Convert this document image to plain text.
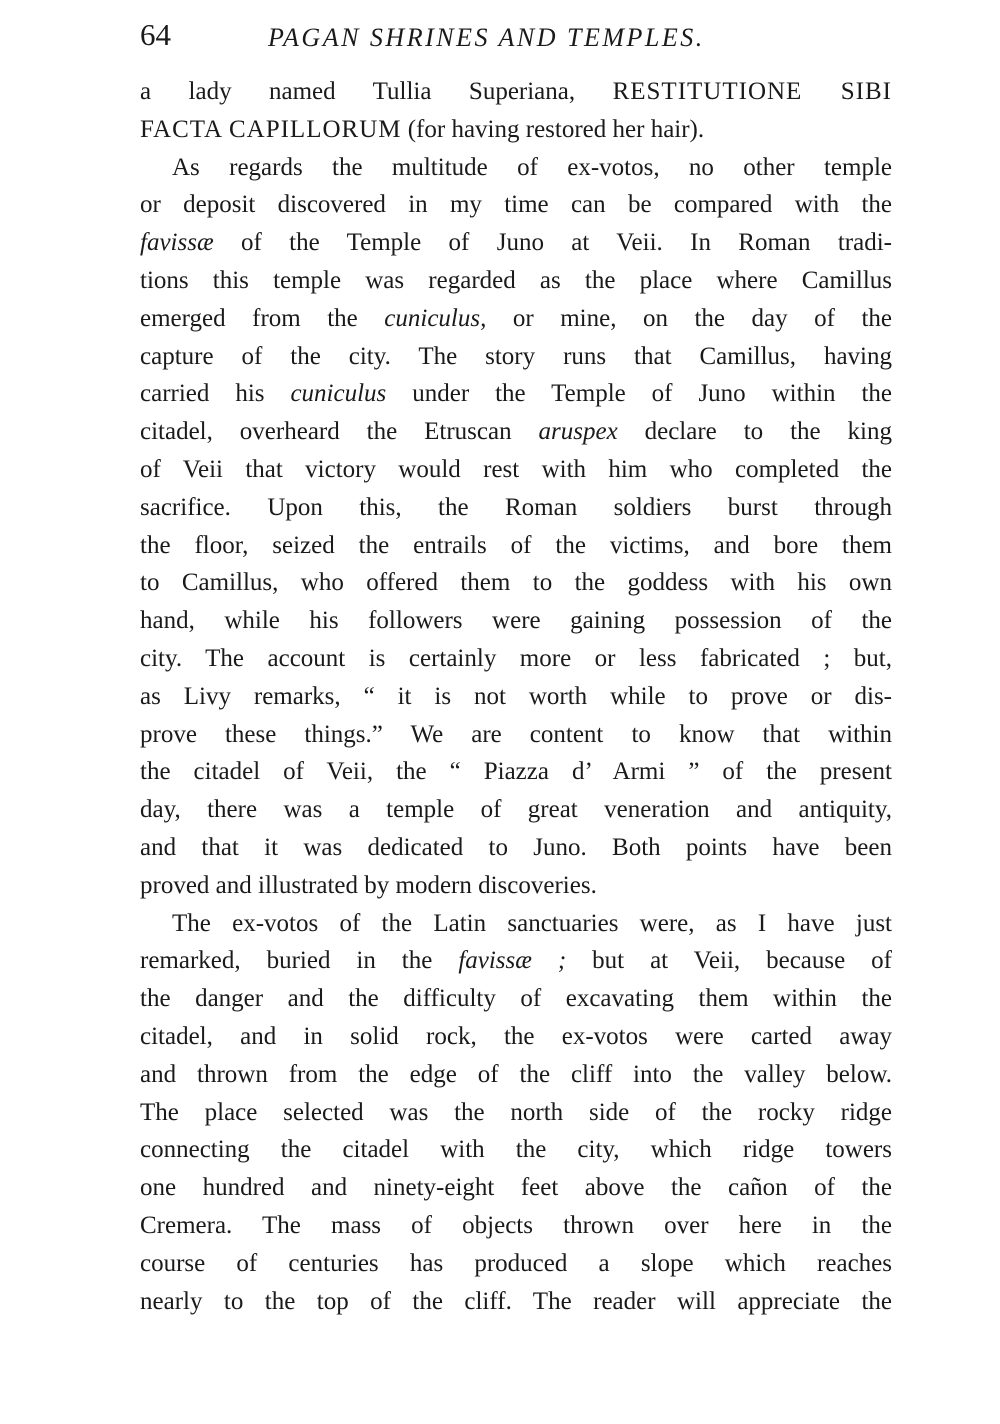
64	PAGAN SHRINES AND TEMPLES.
a lady named Tullia Superiana, RESTITUTIONE SIBI
FACTA CAPILLORUM (for having restored her hair).
As regards the multitude of ex-votos, no other temple
or deposit discovered in my time can be compared with the
favissæ of the Temple of Juno at Veii. In Roman tradi-
tions this temple was regarded as the place where Camillus
emerged from the cuniculus, or mine, on the day of the
capture of the city. The story runs that Camillus, having
carried his cuniculus under the Temple of Juno within the
citadel, overheard the Etruscan aruspex declare to the king
of Veii that victory would rest with him who completed the
sacrifice. Upon this, the Roman soldiers burst through
the floor, seized the entrails of the victims, and bore them
to Camillus, who offered them to the goddess with his own
hand, while his followers were gaining possession of the
city. The account is certainly more or less fabricated ; but,
as Livy remarks, “ it is not worth while to prove or dis-
prove these things.” We are content to know that within
the citadel of Veii, the “ Piazza d’ Armi ” of the present
day, there was a temple of great veneration and antiquity,
and that it was dedicated to Juno. Both points have been
proved and illustrated by modern discoveries.
The ex-votos of the Latin sanctuaries were, as I have just
remarked, buried in the favissæ ; but at Veii, because of
the danger and the difficulty of excavating them within the
citadel, and in solid rock, the ex-votos were carted away
and thrown from the edge of the cliff into the valley below.
The place selected was the north side of the rocky ridge
connecting the citadel with the city, which ridge towers
one hundred and ninety-eight feet above the cañon of the
Cremera. The mass of objects thrown over here in the
course of centuries has produced a slope which reaches
nearly to the top of the cliff. The reader will appreciate the
